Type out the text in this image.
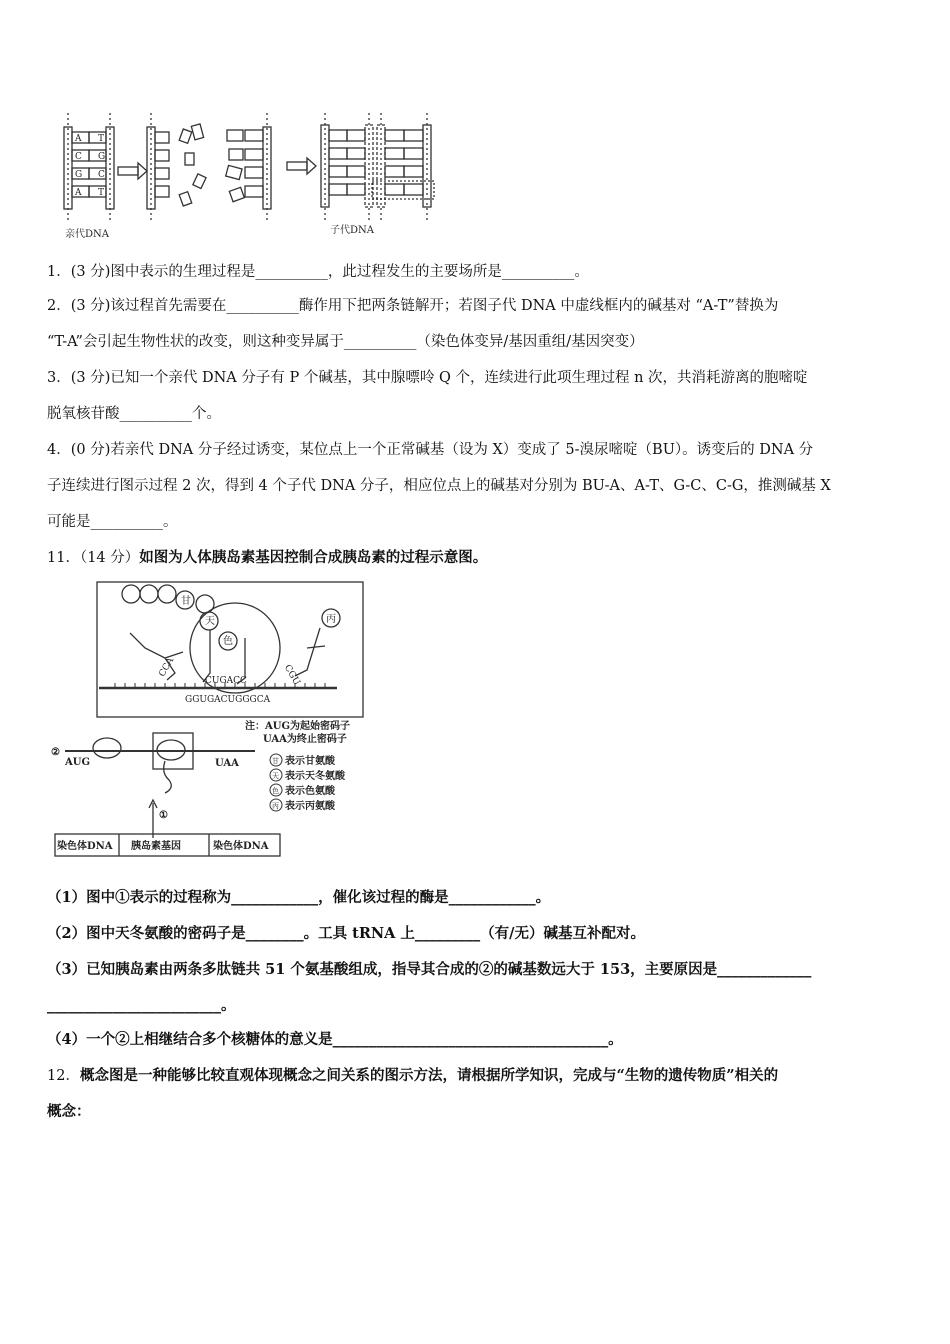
A T
C G
G C
A T
亲代DNA	子代DNA
1．(3 分)图中表示的生理过程是__________，此过程发生的主要场所是__________。
2．(3 分)该过程首先需要在__________酶作用下把两条链解开；若图子代 DNA 中虚线框内的碱基对 “A-T”替换为
“T-A”会引起生物性状的改变，则这种变异属于__________（染色体变异/基因重组/基因突变）
3．(3 分)已知一个亲代 DNA 分子有 P 个碱基，其中腺嘌呤 Q 个，连续进行此项生理过程 n 次，共消耗游离的胞嘧啶
脱氧核苷酸__________个。
4．(0 分)若亲代 DNA 分子经过诱变，某位点上一个正常碱基（设为 X）变成了 5-溴尿嘧啶（BU）。诱变后的 DNA 分
子连续进行图示过程 2 次，得到 4 个子代 DNA 分子，相应位点上的碱基对分别为 BU-A、A-T、G-C、C-G，推测碱基 X
可能是__________。
11．（14 分）如图为人体胰岛素基因控制合成胰岛素的过程示意图。
甘
天
色
丙
CCA	CGU
CUGACC
GGUGACUGGGCA
注：AUG为起始密码子
UAA为终止密码子
甘
天
色
丙
表示甘氨酸
表示天冬氨酸
表示色氨酸
表示丙氨酸
②
AUG	UAA
①
染色体DNA 胰岛素基因	染色体DNA
（1）图中①表示的过程称为____________，催化该过程的酶是____________。
（2）图中天冬氨酸的密码子是________。工具 tRNA 上_________（有/无）碱基互补配对。
（3）已知胰岛素由两条多肽链共 51 个氨基酸组成，指导其合成的②的碱基数远大于 153，主要原因是_____________
________________________。
（4）一个②上相继结合多个核糖体的意义是______________________________________。
12．概念图是一种能够比较直观体现概念之间关系的图示方法，请根据所学知识，完成与“生物的遗传物质”相关的
概念：
